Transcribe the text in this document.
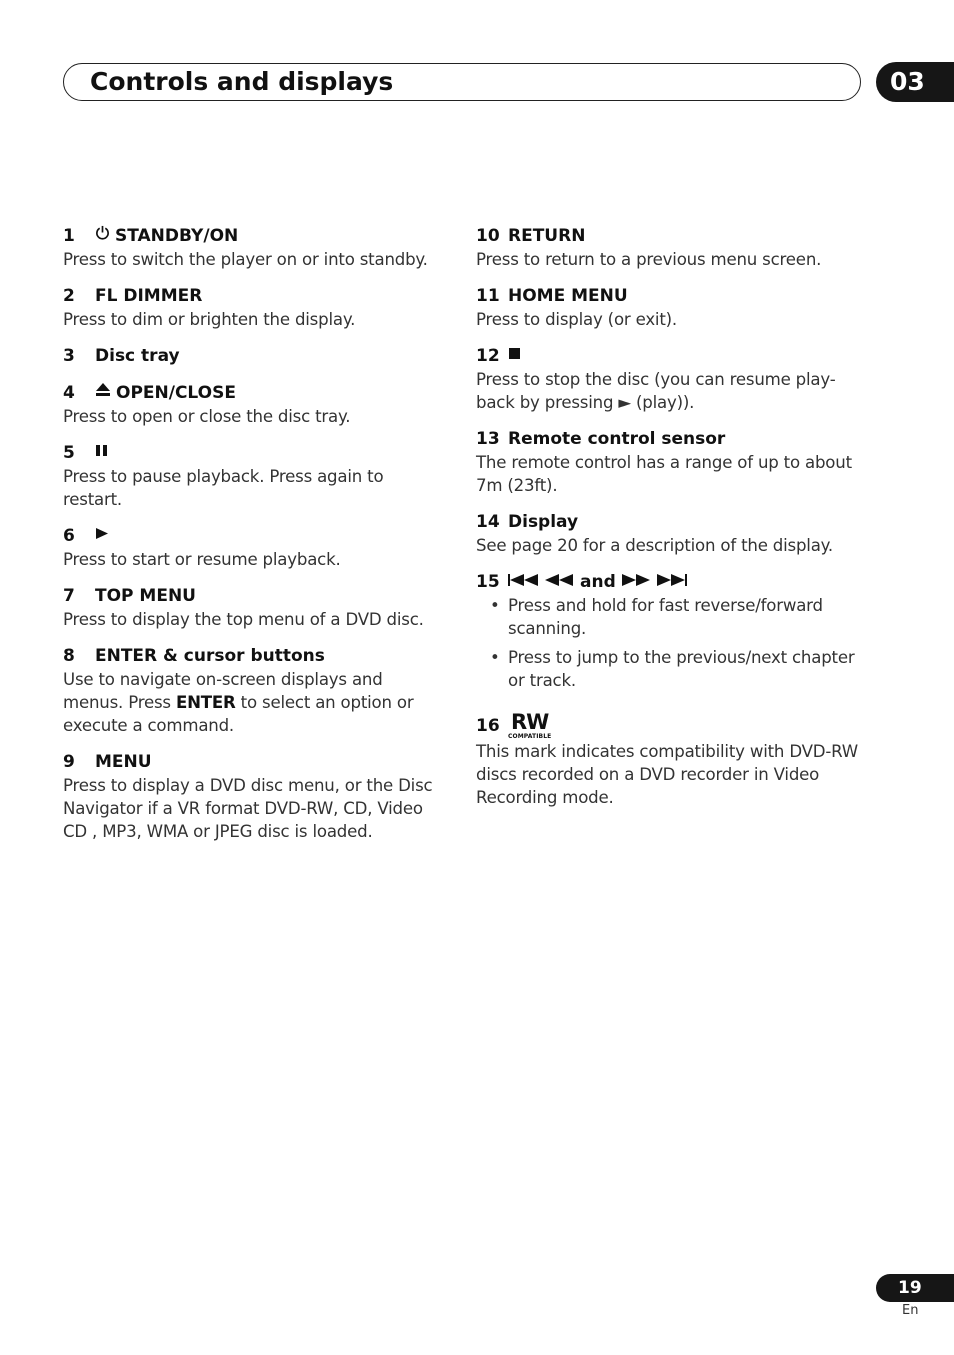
Controls and displays	03
1	STANDBY/ON
Press to switch the player on or into standby.
2	FL DIMMER
Press to dim or brighten the display.
3	Disc tray
4	OPEN/CLOSE
Press to open or close the disc tray.
5
Press to pause playback. Press again to restart.
6
Press to start or resume playback.
7	TOP MENU
Press to display the top menu of a DVD disc.
8	ENTER & cursor buttons
Use to navigate on-screen displays and menus. Press ENTER to select an option or execute a command.
9	MENU
Press to display a DVD disc menu, or the Disc Navigator if a VR format DVD-RW, CD, Video CD , MP3, WMA or JPEG disc is loaded.
10 RETURN
Press to return to a previous menu screen.
11 HOME MENU
Press to display (or exit).
12
Press to stop the disc (you can resume play-back by pressing ► (play)).
13 Remote control sensor
The remote control has a range of up to about 7m (23ft).
14 Display
See page 20 for a description of the display.
15	and
• Press and hold for fast reverse/forward scanning.
• Press to jump to the previous/next chapter or track.
16 RW
COMPATIBLE
This mark indicates compatibility with DVD-RW discs recorded on a DVD recorder in Video Recording mode.
19
En
